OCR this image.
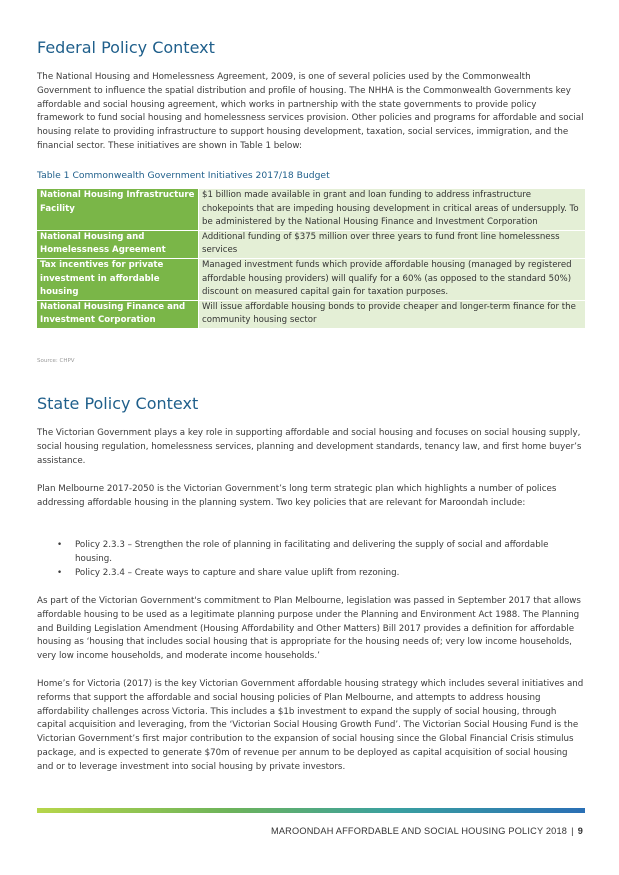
Federal Policy Context

The National Housing and Homelessness Agreement, 2009, is one of several policies used by the Commonwealth Government to influence the spatial distribution and profile of housing. The NHHA is the Commonwealth Governments key affordable and social housing agreement, which works in partnership with the state governments to provide policy framework to fund social housing and homelessness services provision. Other policies and programs for affordable and social housing relate to providing infrastructure to support housing development, taxation, social services, immigration, and the financial sector. These initiatives are shown in Table 1 below:

Table 1 Commonwealth Government Initiatives 2017/18 Budget

National Housing Infrastructure Facility	$1 billion made available in grant and loan funding to address infrastructure chokepoints that are impeding housing development in critical areas of undersupply. To be administered by the National Housing Finance and Investment Corporation
National Housing and Homelessness Agreement	Additional funding of $375 million over three years to fund front line homelessness services
Tax incentives for private investment in affordable housing	Managed investment funds which provide affordable housing (managed by registered affordable housing providers) will qualify for a 60% (as opposed to the standard 50%) discount on measured capital gain for taxation purposes.
National Housing Finance and Investment Corporation	Will issue affordable housing bonds to provide cheaper and longer-term finance for the community housing sector

Source: CHPV

State Policy Context

The Victorian Government plays a key role in supporting affordable and social housing and focuses on social housing supply, social housing regulation, homelessness services, planning and development standards, tenancy law, and first home buyer’s assistance.

Plan Melbourne 2017-2050 is the Victorian Government’s long term strategic plan which highlights a number of polices addressing affordable housing in the planning system. Two key policies that are relevant for Maroondah include:

• Policy 2.3.3 – Strengthen the role of planning in facilitating and delivering the supply of social and affordable housing.
• Policy 2.3.4 – Create ways to capture and share value uplift from rezoning.

As part of the Victorian Government's commitment to Plan Melbourne, legislation was passed in September 2017 that allows affordable housing to be used as a legitimate planning purpose under the Planning and Environment Act 1988. The Planning and Building Legislation Amendment (Housing Affordability and Other Matters) Bill 2017 provides a definition for affordable housing as ‘housing that includes social housing that is appropriate for the housing needs of; very low income households, very low income households, and moderate income households.’

Home’s for Victoria (2017) is the key Victorian Government affordable housing strategy which includes several initiatives and reforms that support the affordable and social housing policies of Plan Melbourne, and attempts to address housing affordability challenges across Victoria. This includes a $1b investment to expand the supply of social housing, through capital acquisition and leveraging, from the ‘Victorian Social Housing Growth Fund’. The Victorian Social Housing Fund is the Victorian Government’s first major contribution to the expansion of social housing since the Global Financial Crisis stimulus package, and is expected to generate $70m of revenue per annum to be deployed as capital acquisition of social housing and or to leverage investment into social housing by private investors.

MAROONDAH AFFORDABLE AND SOCIAL HOUSING POLICY 2018 | 9
